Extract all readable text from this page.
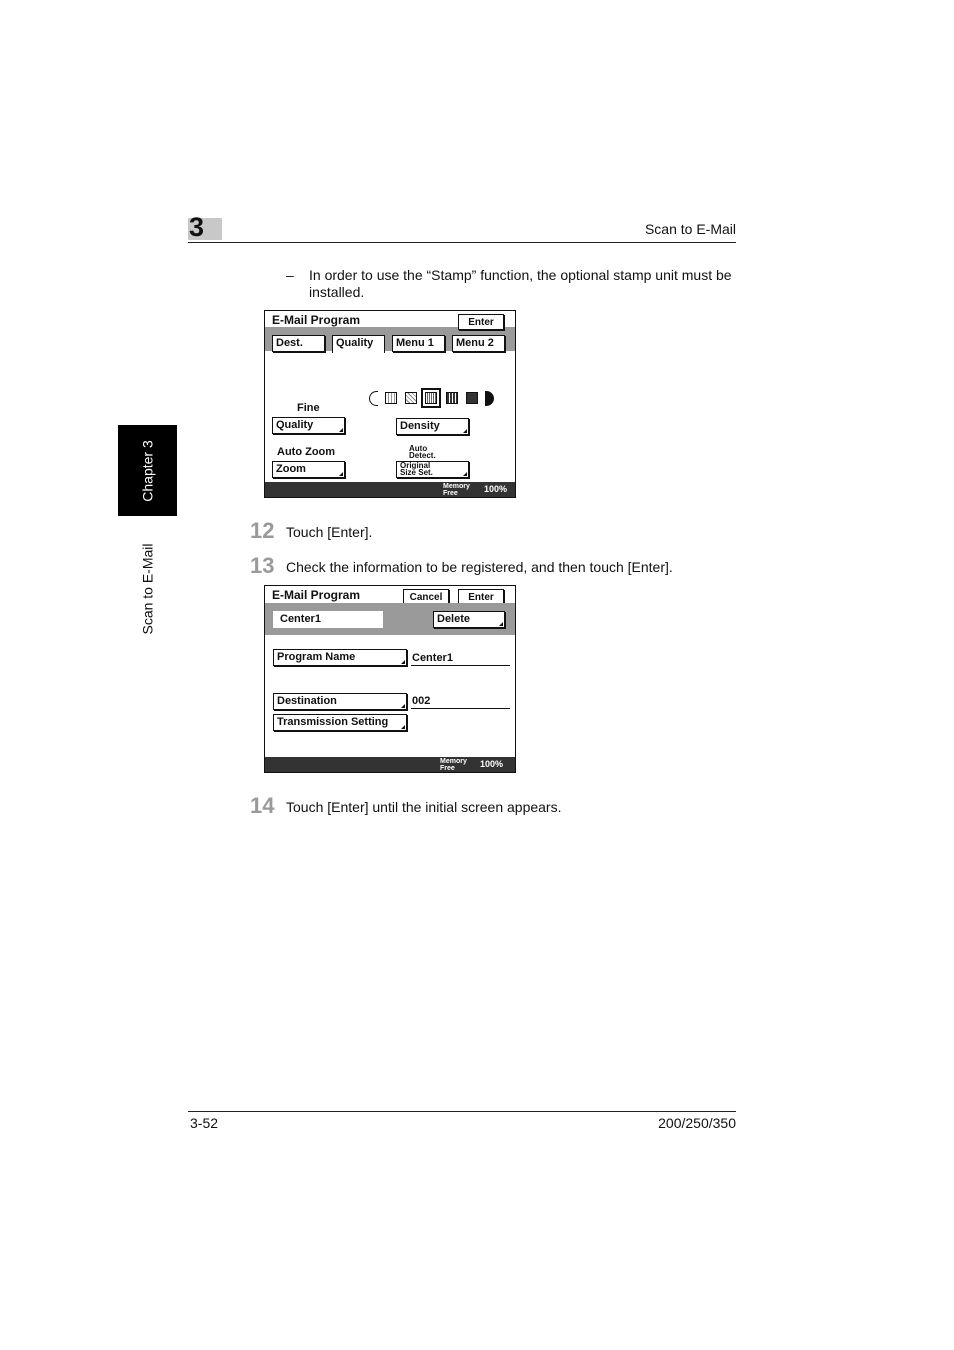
3	Scan to E-Mail
Chapter 3
Scan to E-Mail
– In order to use the “Stamp” function, the optional stamp unit must be installed.
E-Mail Program	Enter
Dest.	Quality	Menu 1	Menu 2
Fine
Quality	Density
Auto Zoom
Zoom
Auto
Detect.
Original
Size Set.
Memory
Free	100%
12 Touch [Enter].
13 Check the information to be registered, and then touch [Enter].
E-Mail Program	Cancel	Enter
Center1	Delete
Program Name	Center1
Destination	002
Transmission Setting
Memory
Free	100%
14 Touch [Enter] until the initial screen appears.
3-52	200/250/350
